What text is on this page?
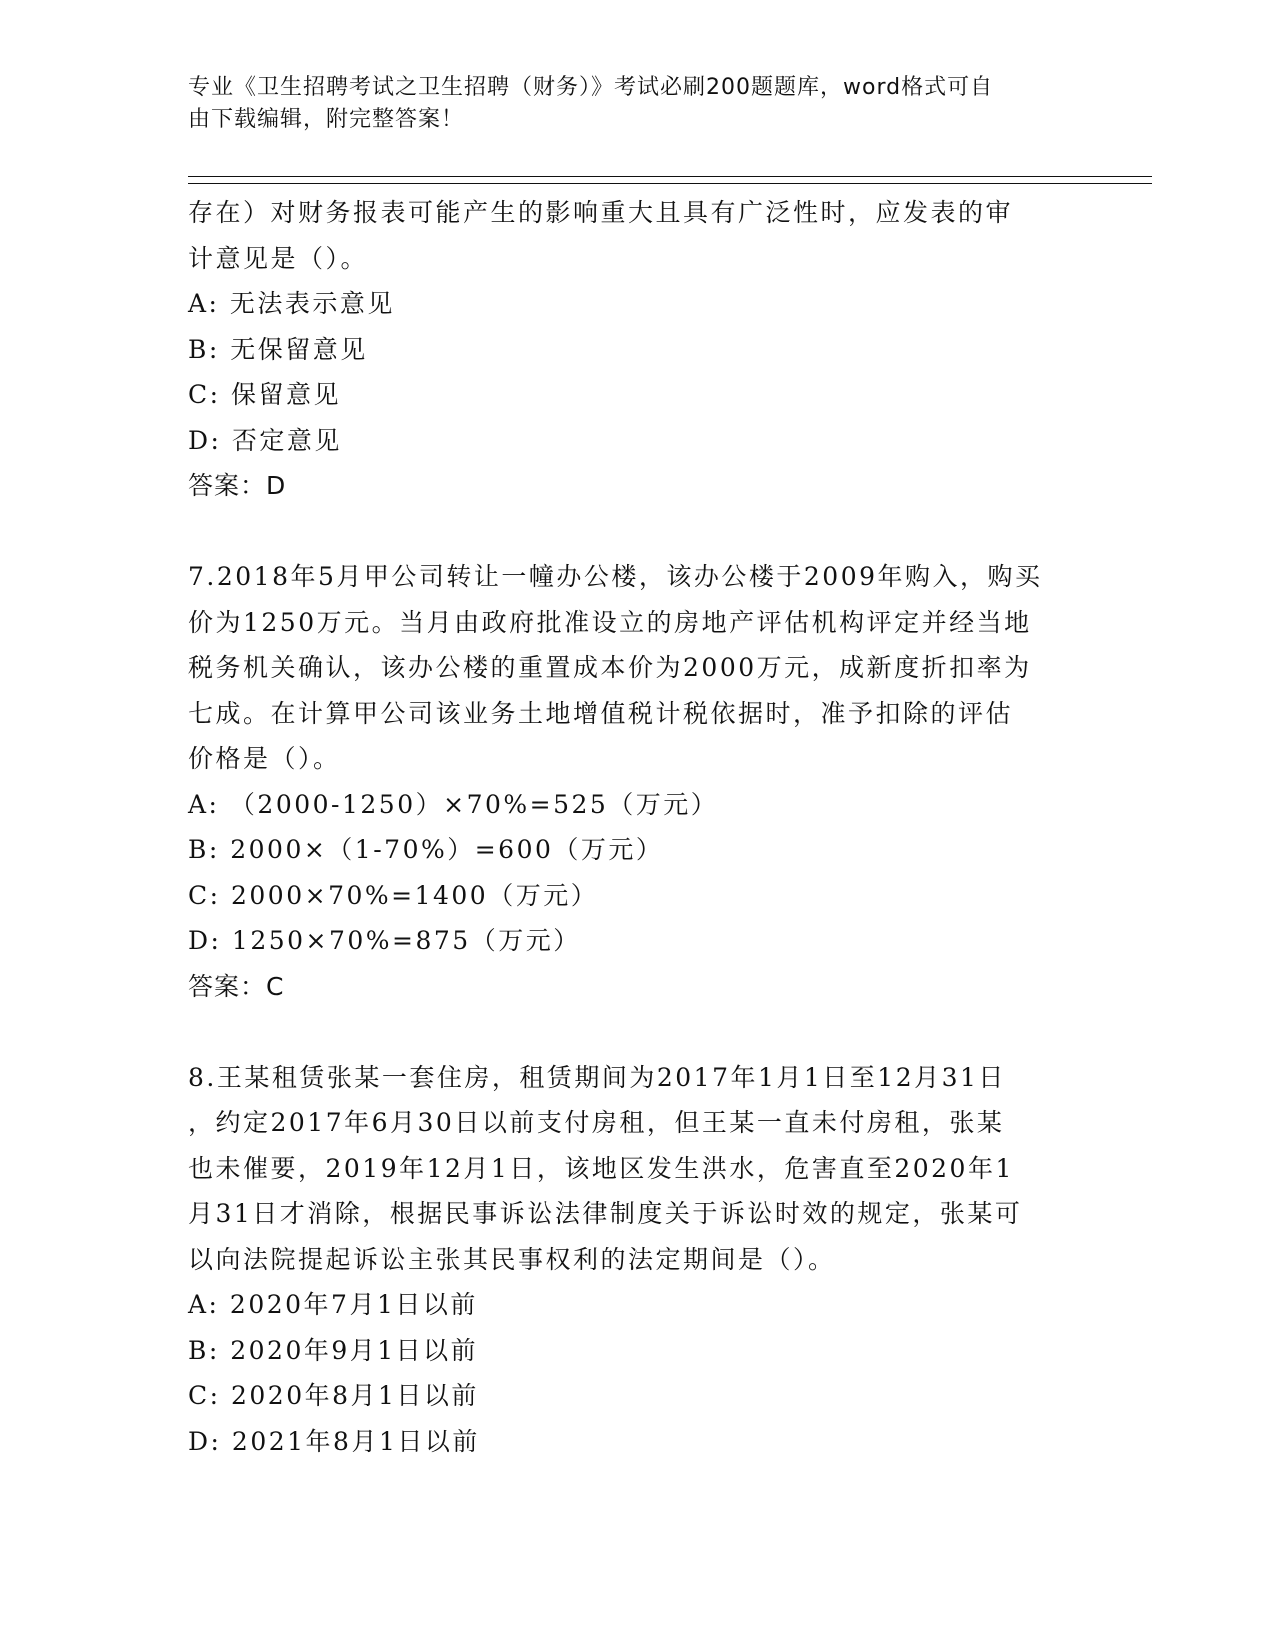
专业《卫生招聘考试之卫生招聘（财务）》考试必刷200题题库，word格式可自
由下载编辑，附完整答案！
存在）对财务报表可能产生的影响重大且具有广泛性时，应发表的审
计意见是（）。
A: 无法表示意见
B: 无保留意见
C: 保留意见
D: 否定意见
答案：D
7.2018年5月甲公司转让一幢办公楼，该办公楼于2009年购入，购买
价为1250万元。当月由政府批准设立的房地产评估机构评定并经当地
税务机关确认，该办公楼的重置成本价为2000万元，成新度折扣率为
七成。在计算甲公司该业务土地增值税计税依据时，准予扣除的评估
价格是（）。
A: （2000-1250）×70%=525（万元）
B: 2000×（1-70%）=600（万元）
C: 2000×70%=1400（万元）
D: 1250×70%=875（万元）
答案：C
8.王某租赁张某一套住房，租赁期间为2017年1月1日至12月31日
，约定2017年6月30日以前支付房租，但王某一直未付房租，张某
也未催要，2019年12月1日，该地区发生洪水，危害直至2020年1
月31日才消除，根据民事诉讼法律制度关于诉讼时效的规定，张某可
以向法院提起诉讼主张其民事权利的法定期间是（）。
A: 2020年7月1日以前
B: 2020年9月1日以前
C: 2020年8月1日以前
D: 2021年8月1日以前
